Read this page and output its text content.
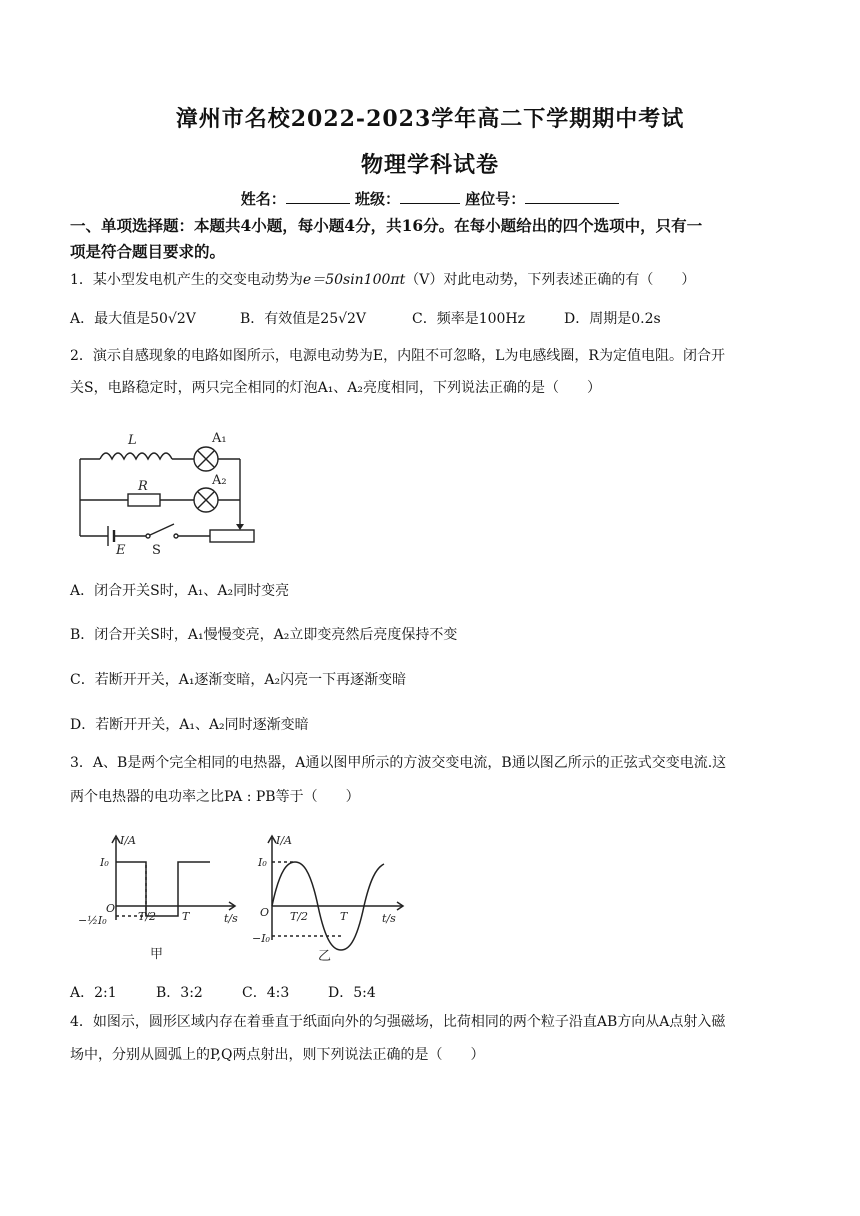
漳州市名校2022-2023学年高二下学期期中考试
物理学科试卷
姓名：	班级：	座位号：
一、单项选择题：本题共4小题，每小题4分，共16分。在每小题给出的四个选项中，只有一
项是符合题目要求的。
1．某小型发电机产生的交变电动势为e＝50sin100πt（V）对此电动势，下列表述正确的有（　　）
A．最大值是50√2V	B．有效值是25√2V	C．频率是100Hz	D．周期是0.2s
2．演示自感现象的电路如图所示，电源电动势为E，内阻不可忽略，L为电感线圈，R为定值电阻。闭合开
关S，电路稳定时，两只完全相同的灯泡A₁、A₂亮度相同，下列说法正确的是（　　）
L
R
E
A₁
A₂
S
A．闭合开关S时，A₁、A₂同时变亮
B．闭合开关S时，A₁慢慢变亮，A₂立即变亮然后亮度保持不变
C．若断开开关，A₁逐渐变暗，A₂闪亮一下再逐渐变暗
D．若断开开关，A₁、A₂同时逐渐变暗
3．A、B是两个完全相同的电热器，A通以图甲所示的方波交变电流，B通以图乙所示的正弦式交变电流.这
两个电热器的电功率之比PA : PB等于（　　）
I/A
I₀
−½I₀
O
T/2 T	t/s
甲
I/A
I₀
−I₀
O T/2	T	t/s
乙
A．2:1	B．3:2	C．4:3	D．5:4
4．如图示，圆形区域内存在着垂直于纸面向外的匀强磁场，比荷相同的两个粒子沿直AB方向从A点射入磁
场中，分别从圆弧上的P,Q两点射出，则下列说法正确的是（　　）
